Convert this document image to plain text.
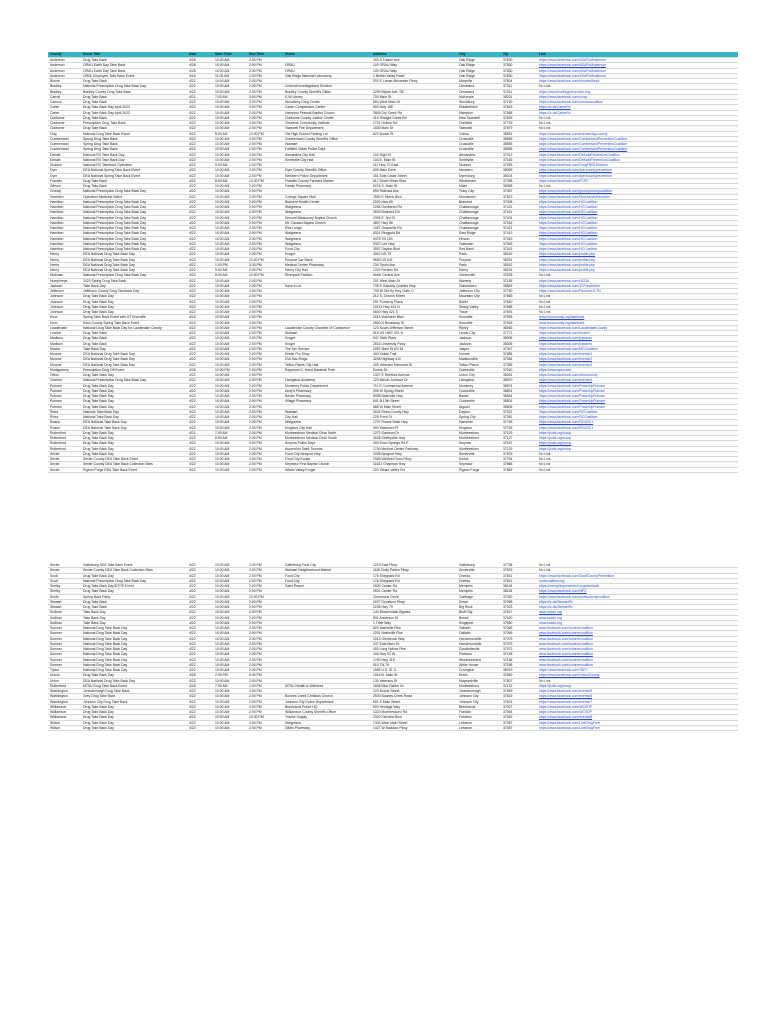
County	Event Title	Date	Start Time	End Time	Venue	Address	City	Zip	Link
Anderson	Drug Take Back	4/26	10:00 AM	2:00 PM		200 S Tulane Ave	Oak Ridge	37830	https://www.facebook.com/ADAPofAnderson
Anderson	ORAU Earth Day Take Back	4/26	10:00 AM	2:00 PM	ORAU	100 ORAU Way	Oak Ridge	37830	https://www.facebook.com/ADAPofAnderson
Anderson	ORAU Earth Day Take Back	4/26	10:00 AM	2:00 PM	ORAU	100 ORAU Way	Oak Ridge	37830	https://www.facebook.com/ADAPofAnderson
Anderson	ORNL Employee Take Back Event	4/16	11:00 AM	1:00 PM	Oak Ridge National Laboratory	1 Bethel Valley Road	Oak Ridge	37830	https://www.facebook.com/ADAPofAnderson
Blount	Drug Take Back	4/22	10:00 AM	2:00 PM		900 E Lamar Alexander Pkwy	Maryville	37804	https://www.facebook.com/blountwithout
Bradley	National Prescription Drug Take Back Day	4/22	10:00 AM	2:00 PM	Criminal Investigations Division		Cleveland	37311	No Link
Bradley	Bradley County Drug Take Back	4/22	10:00 AM	2:00 PM	Bradley County Sheriff's Office	2290 Blythe Ave. SE	Cleveland	37311	https://www.bradleyprevention.org
Carroll	Drug Take Back	4/21	7:00 AM	3:00 PM	E-W Library	700 Main St	McKenzie	38201	https://www.facebook.com/ccrcp
Cannon	Drug Take Back	4/22	10:00 AM	2:00 PM	Woodbury Drug Center	804 West Main St	Woodbury	37190	https://www.facebook.com/cannoncoalition
Carter	Drug Take Back Day April 2023	4/22	10:00 AM	2:00 PM	Carter Compassion Center	800 Hwy 19E	Elizabethton	37643	https://lc.ds/CarterRx
Carter	Drug Take Back Day April 2023	4/22	10:00 AM	2:00 PM	Hampton Firewall Baptist Church	3809 Dry Creek Rd	Hampton	37658	https://lc.ds/CarterRx
Claiborne	Drug Take Back	4/22	10:00 AM	2:00 PM	Claiborne County Justice Center	415 Straight Creek Rd	New Tazewell	37825	No Link
Claiborne	Prescription Drug Take Back	4/22	10:00 AM	2:00 PM	Clearfork Community Institute	1701 Hollow Rd	Clairfield	37715	No Link
Claiborne	Drug Take Back	4/22	10:00 AM	2:00 PM	Tazewell Fire Department	1630 Main St	Tazewell	37879	No Link
Clay	National Drug Take Back Event	4/22	8:00 AM	12:00 PM	Old High School Parking Lot	620 Brown St	Celina	38551	https://www.facebook.com/events/clay-county
Cumberland	Spring Drug Take Back	4/22	10:00 AM	2:00 PM	Cumberland County Sheriff's Office		Crossville	38555	https://www.facebook.com/CumberlandPreventionCoalition
Cumberland	Spring Drug Take Back	4/22	10:00 AM	2:00 PM	Walmart		Crossville	38555	https://www.facebook.com/CumberlandPreventionCoalition
Cumberland	Spring Drug Take Back	4/22	10:00 AM	2:00 PM	Fairfield Glade Police Dept		Crossville	38558	https://www.facebook.com/CumberlandPreventionCoalition
Dekalb	National RX Take Back Day	4/22	10:00 AM	2:00 PM	Alexandria City Hall	102 High St	Alexandria	37012	https://www.facebook.com/DeKalbPreventionCoalition
Dekalb	National RX Take Back Day	4/22	10:00 AM	2:00 PM	Smithville City Hall	104 E. Main St	Smithville	37166	https://www.facebook.com/DeKalbPreventionCoalition
Dickson	National RX Takeback Operation	4/22	9:00 AM	1:00 PM		111 Hwy 70 East	Dickson	37055	https://www.facebook.com/DrugFREEDickson
Dyer	DEA National Spring Take Back Event	4/22	10:00 AM	2:00 PM	Dyer County Sheriff's Office	600 Main Drive	Newbern	38059	https://www.facebook.com/dyercountyprevention
Dyer	DEA National Spring Take Back Event	4/22	10:00 AM	2:00 PM	Newbern Police Department	401 East Cedar Street	Dyersburg	38024	https://www.facebook.com/dyercountyprevention
Franklin	Drug Take Back	4/22	8:00 AM	12:00 PM	Franklin County Farmers Market	617 Dinah Shore Blvd	Winchester	37398	https://www.facebook.com/FCPC
Gibson	Drug Take Back	4/22	10:00 AM	2:00 PM	Family Pharmacy	6076 S. Main St	Milan	38358	No Link
Grundy	National Prescription Drug Take Back Day	4/22	10:00 AM	2:00 PM		890 Railroad Ave	Tracy City	37387	https://www.facebook.com/grundycountycoalition
Hamblen	Operation Medicine Ballot	4/22	10:00 AM	2:00 PM	College Square Mall	2550 E Morris Blvd	Morristown	37813	https://www.facebook.com/MorristownHamblen
Hamilton	National Prescription Drug Take Back Day	4/22	10:00 AM	2:00 PM	Brainerd Health Center	2020 Hwy 65	Brainerd	37308	https://www.facebook.com/HCCoalition
Hamilton	National Prescription Drug Take Back Day	4/22	10:00 AM	2:00 PM	Walgreens	2286 Gunbarrel Rd	Chattanooga	37421	https://www.facebook.com/HCCoalition
Hamilton	National Prescription Drug Take Back Day	4/22	10:00 AM	2:00 PM	Walgreens	2609 Brainerd Rd	Chattanooga	37411	https://www.facebook.com/HCCoalition
Hamilton	National Prescription Drug Take Back Day	4/22	10:00 AM	2:00 PM	Second Missionary Baptist Church	2305 E. 3rd St	Chattanooga	37404	https://www.facebook.com/HCCoalition
Hamilton	National Prescription Drug Take Back Day	4/22	10:00 AM	2:00 PM	Mt. Canaan Baptist Church	4807 Hwy 58	Chattanooga	37416	https://www.facebook.com/HCCoalition
Hamilton	National Prescription Drug Take Back Day	4/22	10:00 AM	2:00 PM	Elks Lodge	1067 Graysville Rd	Chattanooga	37421	https://www.facebook.com/HCCoalition
Hamilton	National Prescription Drug Take Back Day	4/22	10:00 AM	2:00 PM	Walgreens	6321 Ringgold Rd	East Ridge	37412	https://www.facebook.com/HCCoalition
Hamilton	National Prescription Drug Take Back Day	4/22	10:00 AM	2:00 PM	Walgreens	5478 TN 153	Hixson	37343	https://www.facebook.com/HCCoalition
Hamilton	National Prescription Drug Take Back Day	4/22	10:00 AM	2:00 PM	Walgreens	9307 Lee Hwy	Ooltewah	37363	https://www.facebook.com/HCCoalition
Hamilton	National Prescription Drug Take Back Day	4/22	10:00 AM	2:00 PM	Food City	3957 Dayton Blvd	Red Bank	37415	https://www.facebook.com/HCCoalition
Henry	DEA National Drug Take Back Day	4/22	10:00 AM	2:00 PM	Kroger	3010 US-79	Paris	38242	https://www.facebook.com/profile.php
Henry	DEA National Drug Take Back Day	4/22	10:00 AM	12:00 PM	Puryear Car Stack	9660 US 641	Puryear	38251	https://www.facebook.com/profile.php
Henry	DEA National Drug Take Back Day	4/22	1:00 PM	3:30 PM	Medical Center Pharmacy	234 Tyson Ave	Paris	38242	https://www.facebook.com/profile.php
Henry	DEA National Drug Take Back Day	4/22	9:00 AM	2:00 PM	Henry City Hall	1202 Fentem Rd	Henry	38231	https://www.facebook.com/profile.php
Hickman	National Prescription Drug Take Back Day	4/22	8:00 AM	12:00 PM	Riverpark Pavilion	North Central Ave	Centerville	37033	No Link
Humphreys	2023 Spring Drug Take Back	4/22	10:00 AM	2:00 PM		201 West Main St	Waverly	37185	https://www.facebook.com/HCDA
Jackson	Take Back Day	4/22	10:00 AM	2:00 PM	Save A Lot	705 E Gainsby Quarles Hwy	Gainesboro	38562	https://www.facebook.com/JCPrevention
Jefferson	Jefferson County Drug Takeback Day	4/22	10:00 AM	2:00 PM		705 W Old Ky Hwy Suite C	Jefferson City	37760	https://www.facebook.com/RecoverJCTN
Johnson	Drug Take Back Day	4/22	10:00 AM	2:00 PM		212 S. Church Street	Mountain City	37683	No Link
Johnson	Drug Take Back Day	4/22	10:00 AM	2:00 PM		291 Pomeroy Plaza	Butler	37640	No Link
Johnson	Drug Take Back Day	4/22	10:00 AM	2:00 PM		10114 Hwy 421 N	Shady Valley	37688	No Link
Johnson	Drug Take Back Day	4/22	10:00 AM	2:00 PM		6600 Hwy 421 S	Trade	37691	No Link
Knox	Spring Take Back Event with UT Knoxville	4/19	10:00 AM	2:00 PM		1515 Volunteer Blvd	Knoxville	37996	www.knoxcounty.org/takeback
Knox	Knox County Spring Take Back Event	4/19	10:00 AM	2:00 PM		2800 N Broadway St	Knoxville	37918	www.knoxcounty.org/takeback
Lauderdale	National Drug Take Back Day for Lauderdale County	4/22	10:00 AM	2:00 PM	Lauderdale County Chamber of Commerce	123 South Jefferson Street	Ripley	38063	https://www.facebook.com/LauderdaleCounty
Loudon	Drug Take Back	4/22	10:00 AM	2:00 PM	Walmart	915 US HWY 321 N	Lenoir City	37771	https://www.facebook.com/loudon
Madison	Drug Take Back	4/22	10:00 AM	2:00 PM	Kroger	947 Sixth Pkwy	Jackson	38305	https://www.facebook.com/jcpcares
Madison	Drug Take Back	4/22	10:00 AM	2:00 PM	Kroger	2616 University Pkwy	Jackson	38305	https://www.facebook.com/jcpcares
Marion	Take Back Day	4/22	10:00 AM	2:00 PM	The Tax Service	2097 Main St US 64	Jasper	37347	https://www.facebook.com/MCCoalition
Monroe	DEA National Drug Take Back Day	4/22	10:00 AM	2:00 PM	Kiddie Pro Shop	400 Kiddie Trail	Vonore	37885	https://www.facebook.com/events/1
Monroe	DEA National Drug Take Back Day	4/22	10:00 AM	2:00 PM	IGA Sav-Rings	4248 Highway 411	Madisonville	37354	https://www.facebook.com/events/2
Monroe	DEA National Drug Take Back Day	4/22	10:00 AM	2:00 PM	Tellico Plains City Hall	405 Veterans Memorial Dr	Tellico Plains	37385	https://www.facebook.com/events/3
Montgomery	Prescription Drug Off Event	4/26	12:00 PM	1:00 PM	Raymond C. Hand Baseball Park	Dowre St	Clarksville	37040	https://www.apsu.edu
Obion	Drug Take Back Day	4/22	10:00 AM	2:00 PM		1327 E Reelfoot Avenue	Union City	38261	https://www.facebook.com/obioncounty
Overton	National Prescription Drug Take Back Day	4/22	10:00 AM	2:00 PM	Livingston Academy	120 Melvin Johnson Dr	Livingston	38570	https://www.facebook.com/events/4
Putnam	Drug Take Back Day	4/22	10:00 AM	2:00 PM	Monterey Police Department	711 E Commercial Avenue	Monterey	38574	https://www.facebook.com/PowerUpPutnam
Putnam	Drug Take Back Day	4/22	10:00 AM	2:00 PM	Andy's Pharmacy	306 W Spring Street	Cookeville	38501	https://www.facebook.com/PowerUpPutnam
Putnam	Drug Take Back Day	4/22	10:00 AM	2:00 PM	Baxter Pharmacy	8058 Nashville Hwy	Baxter	38544	https://www.facebook.com/PowerUpPutnam
Putnam	Drug Take Back Day	4/22	10:00 AM	2:00 PM	Village Pharmacy	841 B 10th Street	Cookeville	38501	https://www.facebook.com/PowerUpPutnam
Putnam	Drug Take Back Day	4/22	10:00 AM	2:00 PM		688 W Main Street	Algood	38506	https://www.facebook.com/PowerUpPutnam
Rhea	National Take Back Day	4/22	10:00 AM	2:00 PM	Walmart	3034 Rhea County Hwy	Dayton	37321	https://www.facebook.com/RCCoalition
Rhea	National Take Back Day	4/22	10:00 AM	2:00 PM	City Hall	229 Front St	Spring City	37381	https://www.facebook.com/RCCoalition
Roane	DEA National Take Back Day	4/22	10:00 AM	2:00 PM	Walgreens	1797 Roane State Hwy	Harriman	37748	https://www.facebook.com/RCASC1
Roane	DEA National Take Back Day	4/22	10:00 AM	2:00 PM	Kingston City Hall	900 Waterford Pl	Kingston	37763	https://www.facebook.com/RCASC1
Rutherford	Drug Take Back Day	4/21	7:00 AM	2:00 PM	Murfreesboro Medical Clinic North	1272 Garrison Dr	Murfreesboro	37129	https://judis.org/rccop
Rutherford	Drug Take Back Day	4/22	8:00 AM	2:00 PM	Murfreesboro Medical Clinic South	3628 Shelbyville Hwy	Murfreesboro	37127	https://judis.org/rccop
Rutherford	Drug Take Back Day	4/22	10:00 AM	2:00 PM	Smyrna Police Dept	400 Enon Springs Rd E	Smyrna	37167	https://judis.org/rccop
Rutherford	Drug Take Back Day	4/22	10:00 AM	2:00 PM	Ascension Saint Thomas	1700 Medical Center Parkway	Murfreesboro	37129	https://judis.org/rccop
Sevier	Drug Take Back Day	4/22	10:00 AM	2:00 PM	Food City Newport Hwy	2028 Newport Hwy	Sevierville	37876	No Link
Sevier	Sevier County DEA Take Back Event	4/22	10:00 AM	2:00 PM	Food City Kodak	2966 Winfield Dunn Pkwy	Kodak	37764	No Link
Sevier	Sevier County DEA Take Back Collection Sites	4/22	10:00 AM	2:00 PM	Seymour First Baptist Church	11621 Chapman Hwy	Seymour	37865	No Link
Sevier	Pigeon Forge DEA Take Back Event	4/22	10:00 AM	2:00 PM	Affairs Valley Kroger	220 Wears Valley Rd	Pigeon Forge	37863	No Link
Sevier	Gatlinburg DEA Take Back Event	4/22	10:00 AM	2:00 PM	Gatlinburg Food City	1219 East Pkwy	Gatlinburg	37738	No Link
Sevier	Sevier County DEA Take Back Collection Sites	4/22	10:00 AM	2:00 PM	Walmart Neighborhood Market	1160 Dolly Parton Pkwy	Sevierville	37876	No Link
Scott	Drug Take Back Day	4/22	10:00 AM	2:00 PM	Food City	176 Sheppard Rd	Oneida	37841	https://www.facebook.com/ScottCountyPrevention
Scott	National Prescription Drug Take Back Day	4/22	10:00 AM	2:00 PM	Food City	176 Sheppard Rd	Oneida	37841	scottcoalition.org
Shelby	Drug Take Back Day/DTOP Event	4/22	10:00 AM	2:00 PM	Safer Reach	2600 Canter Rd	Memphis	38118	https://memphisprevention.org/takeback
Shelby	Drug Take Back Day	4/22	10:00 AM	2:00 PM		2601 Canter Rd	Memphis	38118	https://www.facebook.com/MPC
Smith	Spring Back Party	4/22	10:00 AM	12:00 PM		Clemmons Circle	Carthage	37030	https://www.facebook.com/smithcountycoalition
Stewart	Drug Take Back	4/22	10:00 AM	2:00 PM		1027 Donelson Pkwy	Dover	37058	https://lc.ds/StewartRx
Stewart	Drug Take Back	4/22	10:00 AM	2:00 PM		2235 Hwy 79	Big Rock	37023	https://lc.ds/StewartRx
Sullivan	Take Back Day	4/22	10:00 AM	2:00 PM		140 Bloomindale Bypass	Bluff City	37617	www.scads.org
Sullivan	Take Back Day	4/22	10:00 AM	2:00 PM		801 Anderson St	Bristol	37620	www.scads.org
Sullivan	Take Back Day	4/22	10:00 AM	2:00 PM		1 Tribe Way	Kingsport	37660	www.scads.org
Sumner	National Drug Take Back Day	4/22	10:00 AM	2:00 PM		820 Nashville Pike	Gallatin	37066	www.facebook.com/sumnercoalition
Sumner	National Drug Take Back Day	4/22	10:00 AM	2:00 PM		2201 Nashville Pike	Gallatin	37066	www.facebook.com/sumnercoalition
Sumner	National Drug Take Back Day	4/22	10:00 AM	2:00 PM		1513 Glenbrook Way	Hendersonville	37075	www.facebook.com/sumnercoalition
Sumner	National Drug Take Back Day	4/22	10:00 AM	2:00 PM		237 East Main St	Hendersonville	37075	www.facebook.com/sumnercoalition
Sumner	National Drug Take Back Day	4/22	10:00 AM	2:00 PM		400 Long Hollow Pike	Goodlettsville	37072	www.facebook.com/sumnercoalition
Sumner	National Drug Take Back Day	4/22	10:00 AM	2:00 PM		104 Hwy 52 W	Portland	37148	www.facebook.com/sumnercoalition
Sumner	National Drug Take Back Day	4/22	10:00 AM	2:00 PM		1760 Hwy 31E	Westmoreland	37186	www.facebook.com/sumnercoalition
Sumner	National Drug Take Back Day	4/22	10:00 AM	2:00 PM		510 TN-76	White House	37188	www.facebook.com/sumnercoalition
Tipton	National Drug Take Back Day	4/22	10:00 AM	2:00 PM		1999 U.S. 51 S.	Covington	38019	https://www.facebook.com/TAPC
Unicoi	Drug Take Back Day	4/26	2:30 PM	5:30 PM		1016 N. Main St	Erwin	37650	https://www.facebook.com/UnicoiCounty
Union	DEA National Drug Take Back Day	4/22	10:00 AM	2:00 PM		130 Veterans St	Maynardville	37807	No Link
Rutherford	MTSU Drug Take Back Event	4/18	7:30 AM	1:00 PM	MTSU Health & Wellness	1848 Blue Raider Dr	Murfreesboro	37132	https://judis.org/rccop
Washington	Jonesborough Drug Take Back	4/22	10:00 AM	2:00 PM		123 Boone Street	Jonesborough	37659	https://www.facebook.com/events/5
Washington	Grey Drug Take Back	4/22	10:00 AM	2:00 PM	Boones Creek Christian Church	2500 Boones Creek Road	Johnson City	37615	https://www.facebook.com/events/6
Washington	Johnson City Drug Take Back	4/22	10:00 AM	2:00 PM	Johnson City Police Department	601 E Main Street	Johnson City	37601	https://www.facebook.com/events/7
Williamson	Drug Take Back Day	4/22	10:00 AM	2:00 PM	Brentwood Police HQ	900 Heritage Way	Brentwood	37027	https://www.facebook.com/WCSDP
Williamson	Drug Take Back Day	4/22	10:00 AM	2:00 PM	Williamson County Sheriff's Office	1320 Murfreesboro Rd	Franklin	37064	https://www.facebook.com/WCSDP
Williamson	Drug Take Back Day	4/22	10:00 AM	12:00 PM	Tractor Supply	2320 Fairview Blvd	Fairview	37062	https://www.facebook.com/events/8
Wilson	Drug Take Back Day	4/22	10:00 AM	2:00 PM	Walgreens	1303 West Main Street	Lebanon	37087	https://www.facebook.com/LiveDrugFree
Wilson	Drug Take Back Day	4/22	10:00 AM	2:00 PM	Gibbs Pharmacy	1427 W Baddour Pkwy	Lebanon	37087	https://www.facebook.com/LiveDrugFree
